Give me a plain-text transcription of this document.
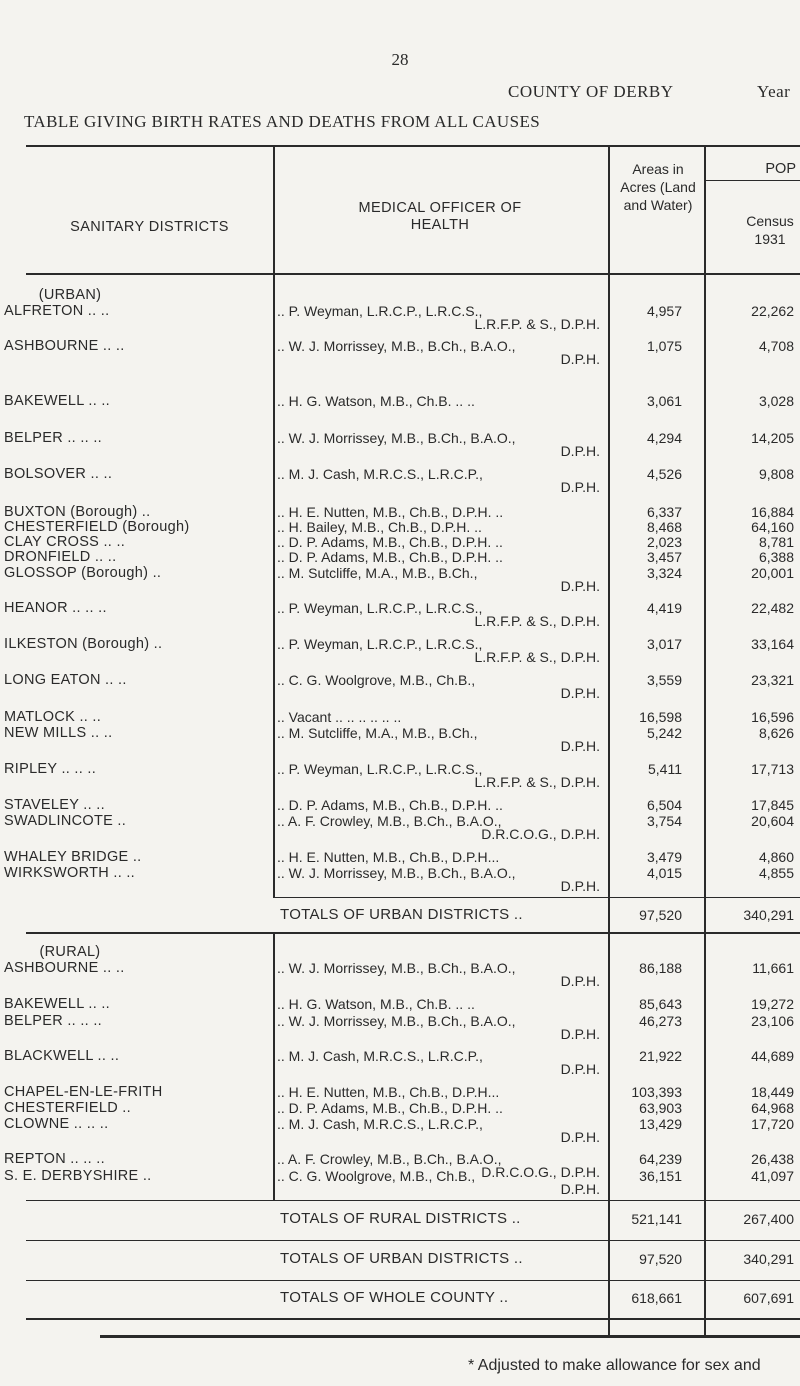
28
COUNTY OF DERBY	Year
TABLE GIVING BIRTH RATES AND DEATHS FROM ALL CAUSES
SANITARY DISTRICTS
MEDICAL OFFICER OF HEALTH
Areas in Acres (Land and Water)
POP
Census 1931
(URBAN)
ALFRETON .. ..	.. P. Weyman, L.R.C.P., L.R.C.S.,
L.R.F.P. & S., D.P.H.
4,957	22,262
ASHBOURNE .. ..	.. W. J. Morrissey, M.B., B.Ch., B.A.O.,
D.P.H.
1,075	4,708
BAKEWELL .. ..	.. H. G. Watson, M.B., Ch.B. .. ..	3,061	3,028
BELPER .. .. ..	.. W. J. Morrissey, M.B., B.Ch., B.A.O.,
D.P.H.
4,294	14,205
BOLSOVER .. ..	.. M. J. Cash, M.R.C.S., L.R.C.P.,
D.P.H.
4,526	9,808
BUXTON (Borough) ..	.. H. E. Nutten, M.B., Ch.B., D.P.H. ..	6,337	16,884
CHESTERFIELD (Borough)	.. H. Bailey, M.B., Ch.B., D.P.H. ..	8,468	64,160
CLAY CROSS .. ..	.. D. P. Adams, M.B., Ch.B., D.P.H. ..	2,023	8,781
DRONFIELD .. ..	.. D. P. Adams, M.B., Ch.B., D.P.H. ..	3,457	6,388
GLOSSOP (Borough) ..	.. M. Sutcliffe, M.A., M.B., B.Ch.,
D.P.H.
3,324	20,001
HEANOR .. .. ..	.. P. Weyman, L.R.C.P., L.R.C.S.,
L.R.F.P. & S., D.P.H.
4,419	22,482
ILKESTON (Borough) ..	.. P. Weyman, L.R.C.P., L.R.C.S.,
L.R.F.P. & S., D.P.H.
3,017	33,164
LONG EATON .. ..	.. C. G. Woolgrove, M.B., Ch.B.,
D.P.H.
3,559	23,321
MATLOCK .. ..	.. Vacant .. .. .. .. .. ..	16,598	16,596
NEW MILLS .. ..	.. M. Sutcliffe, M.A., M.B., B.Ch.,
D.P.H.
5,242	8,626
RIPLEY .. .. ..	.. P. Weyman, L.R.C.P., L.R.C.S.,
L.R.F.P. & S., D.P.H.
5,411	17,713
STAVELEY .. ..	.. D. P. Adams, M.B., Ch.B., D.P.H. ..	6,504	17,845
SWADLINCOTE ..	.. A. F. Crowley, M.B., B.Ch., B.A.O.,
D.R.C.O.G., D.P.H.
3,754	20,604
WHALEY BRIDGE ..	.. H. E. Nutten, M.B., Ch.B., D.P.H...	3,479	4,860
WIRKSWORTH .. ..	.. W. J. Morrissey, M.B., B.Ch., B.A.O.,
D.P.H.
4,015	4,855
TOTALS OF URBAN DISTRICTS ..	97,520	340,291
(RURAL)
ASHBOURNE .. ..	.. W. J. Morrissey, M.B., B.Ch., B.A.O.,
D.P.H.
86,188	11,661
BAKEWELL .. ..	.. H. G. Watson, M.B., Ch.B. .. ..	85,643	19,272
BELPER .. .. ..	.. W. J. Morrissey, M.B., B.Ch., B.A.O.,
D.P.H.
46,273	23,106
BLACKWELL .. ..	.. M. J. Cash, M.R.C.S., L.R.C.P.,
D.P.H.
21,922	44,689
CHAPEL-EN-LE-FRITH	.. H. E. Nutten, M.B., Ch.B., D.P.H...	103,393	18,449
CHESTERFIELD ..	.. D. P. Adams, M.B., Ch.B., D.P.H. ..	63,903	64,968
CLOWNE .. .. ..	.. M. J. Cash, M.R.C.S., L.R.C.P.,
D.P.H.
13,429	17,720
REPTON .. .. ..	.. A. F. Crowley, M.B., B.Ch., B.A.O.,
D.R.C.O.G., D.P.H.
64,239	26,438
S. E. DERBYSHIRE ..	.. C. G. Woolgrove, M.B., Ch.B.,
D.P.H.
36,151	41,097
TOTALS OF RURAL DISTRICTS ..	521,141	267,400
TOTALS OF URBAN DISTRICTS ..	97,520	340,291
TOTALS OF WHOLE COUNTY ..	618,661	607,691
* Adjusted to make allowance for sex and
